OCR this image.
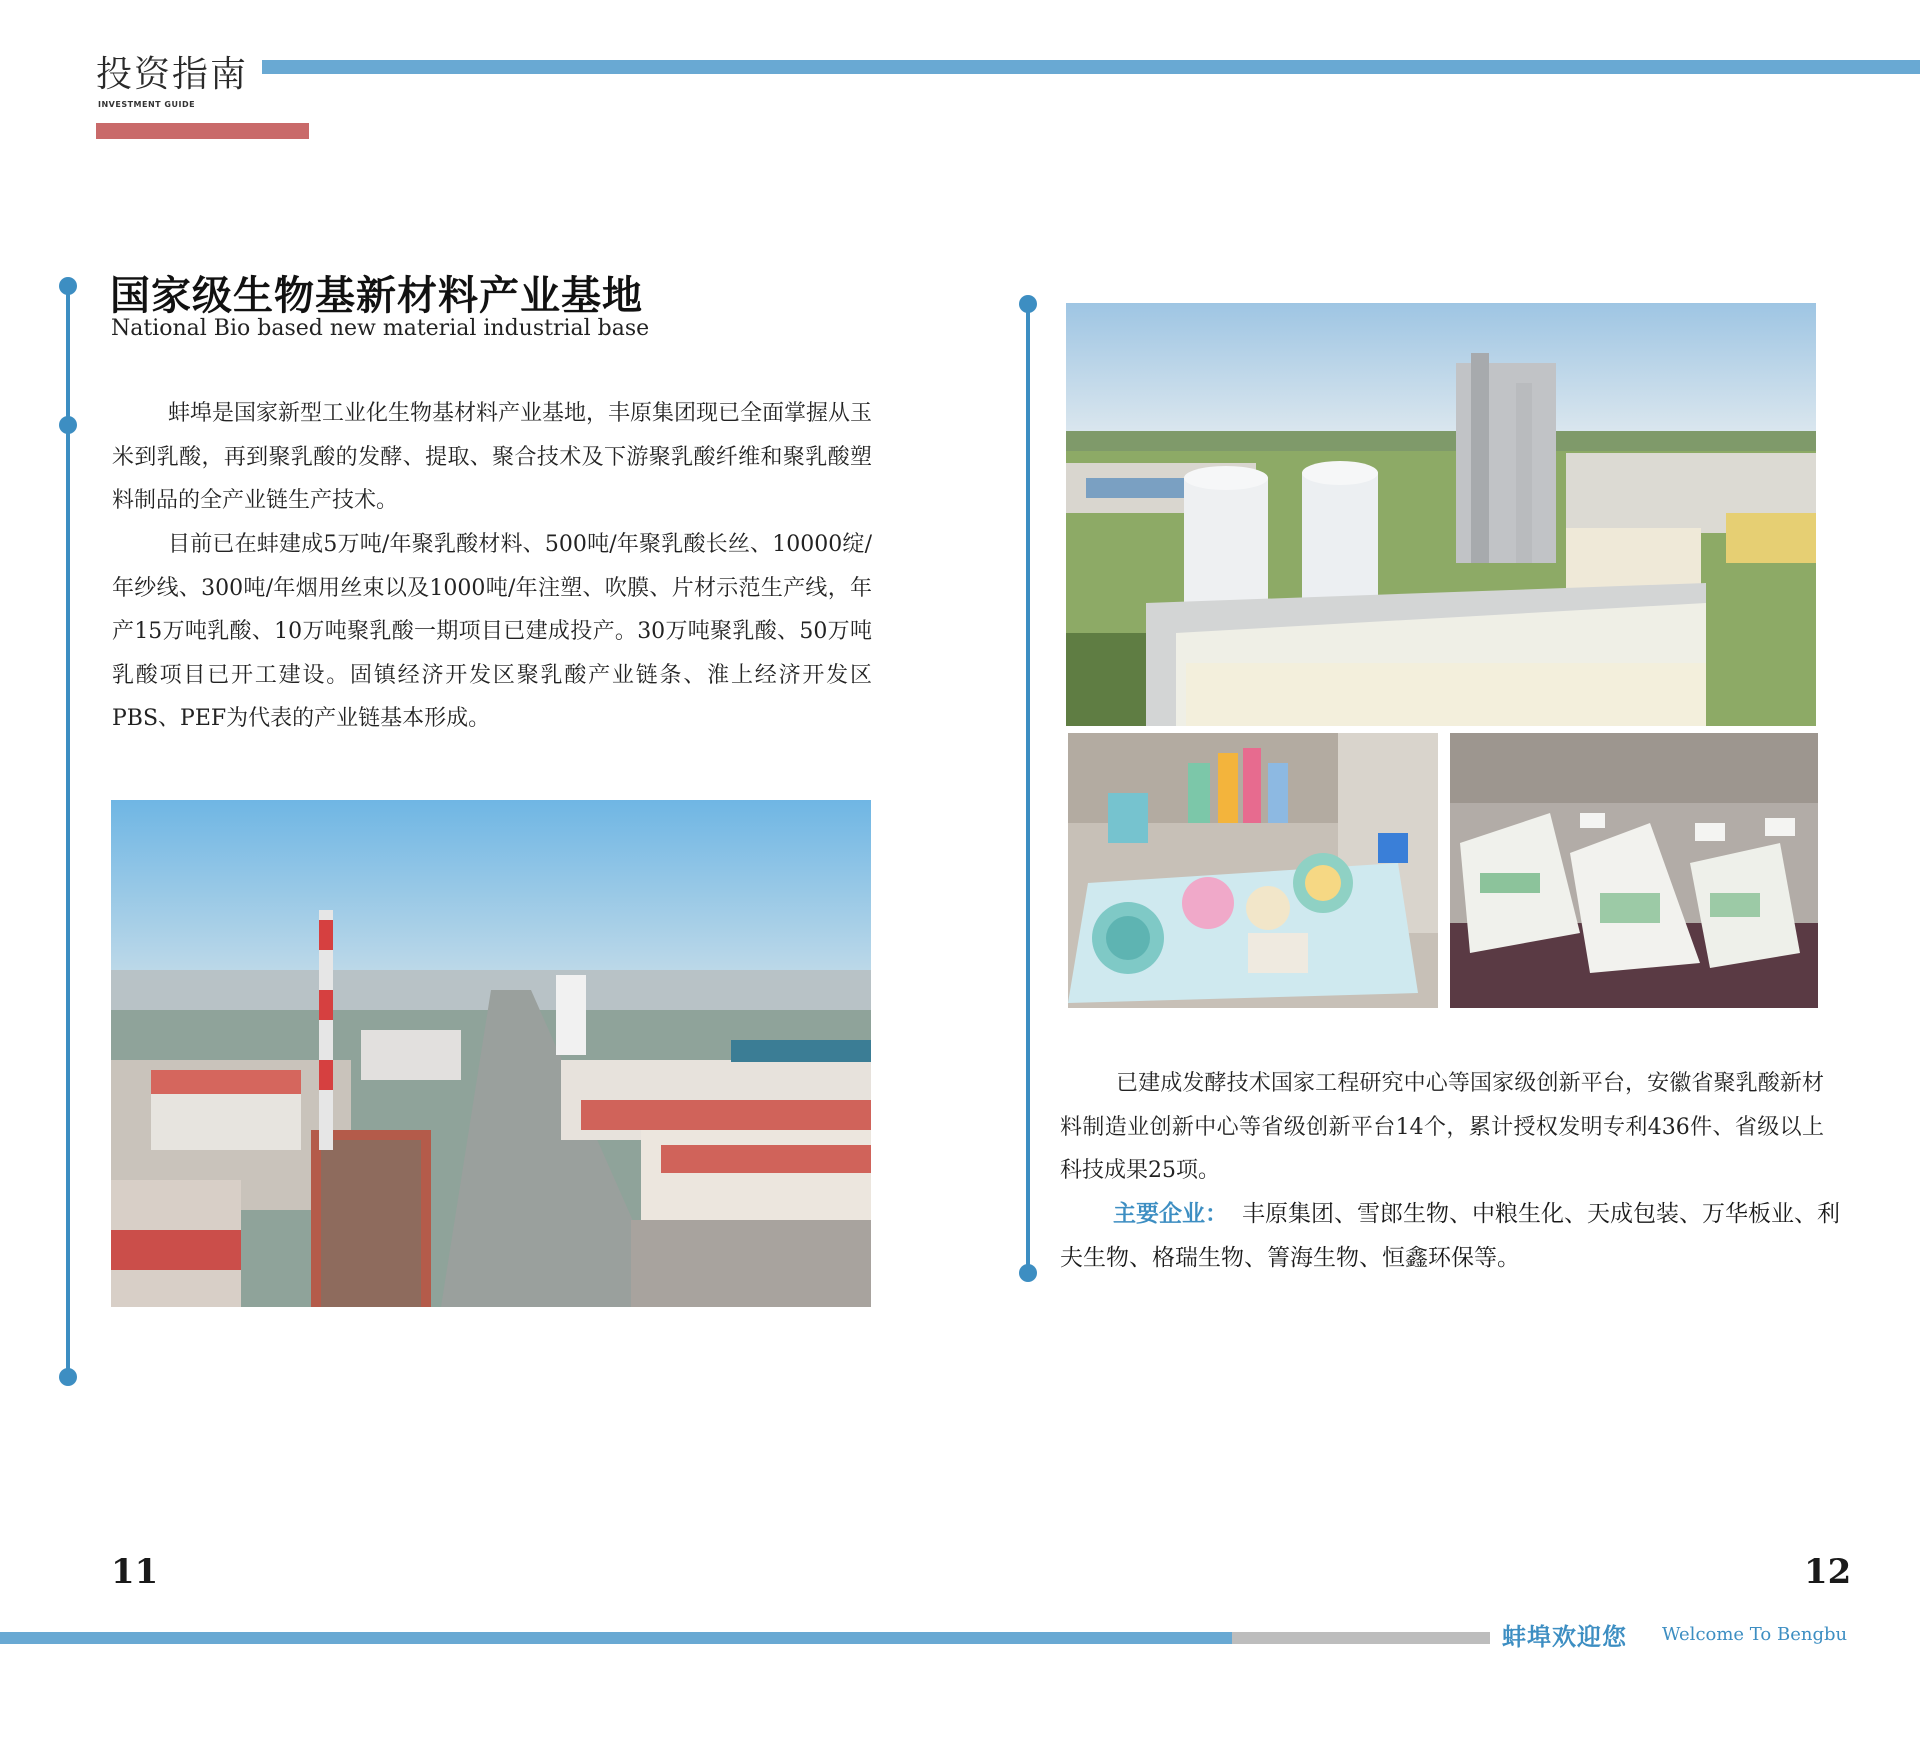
投资指南
INVESTMENT GUIDE
国家级生物基新材料产业基地
National Bio based new material industrial base

蚌埠是国家新型工业化生物基材料产业基地，丰原集团现已全面掌握从玉米到乳酸，再到聚乳酸的发酵、提取、聚合技术及下游聚乳酸纤维和聚乳酸塑料制品的全产业链生产技术。

目前已在蚌建成5万吨/年聚乳酸材料、500吨/年聚乳酸长丝、10000绽/年纱线、300吨/年烟用丝束以及1000吨/年注塑、吹膜、片材示范生产线，年产15万吨乳酸、10万吨聚乳酸一期项目已建成投产。30万吨聚乳酸、50万吨乳酸项目已开工建设。固镇经济开发区聚乳酸产业链条、淮上经济开发区PBS、PEF为代表的产业链基本形成。

已建成发酵技术国家工程研究中心等国家级创新平台，安徽省聚乳酸新材料制造业创新中心等省级创新平台14个，累计授权发明专利436件、省级以上科技成果25项。

主要企业： 丰原集团、雪郎生物、中粮生化、天成包装、万华板业、利夫生物、格瑞生物、箐海生物、恒鑫环保等。
11	12
蚌埠欢迎您 Welcome To Bengbu
